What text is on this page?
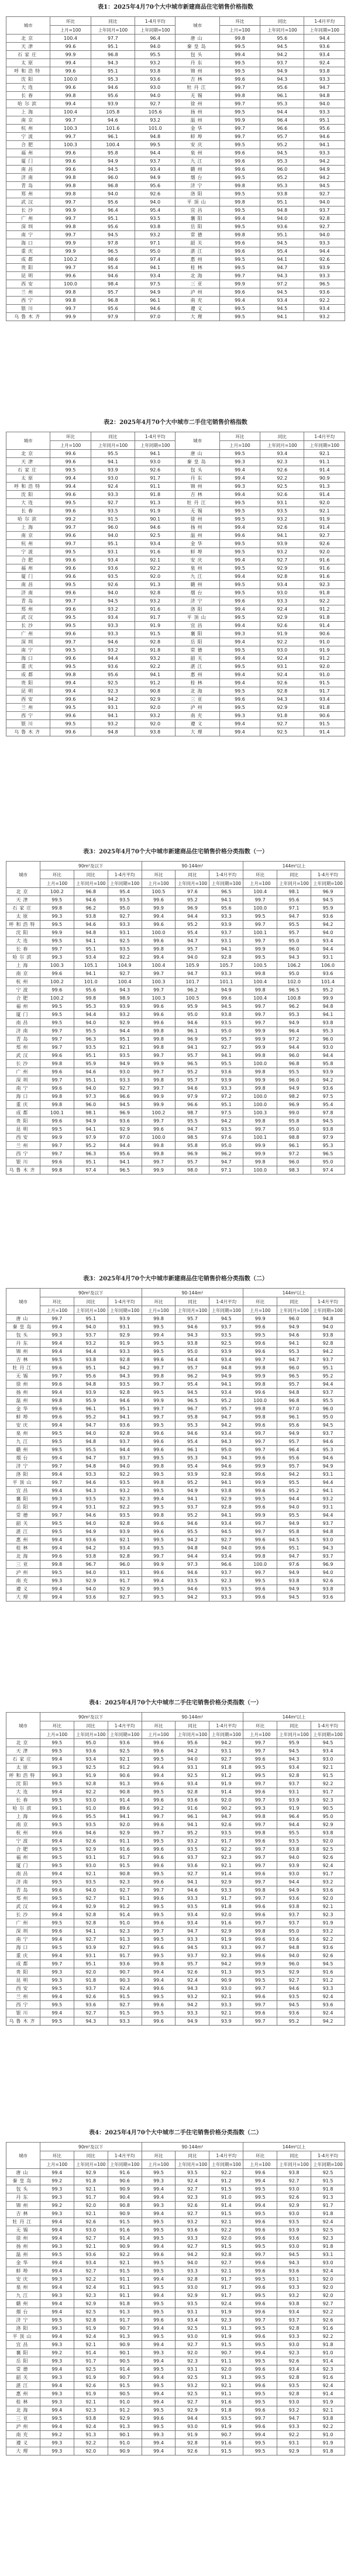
表1：2025年4月70个大中城市新建商品住宅销售价格指数
城市	环比	同比	1-4月平均	城市	环比	同比	1-4月平均
	上月=100	上年同月=100	上年同期=100		上月=100	上年同月=100	上年同期=100
北京	100.4	97.7	96.4	唐山	99.8	95.6	94.4
天津	99.6	95.1	94.0	秦皇岛	99.5	94.5	93.6
石家庄	99.9	96.8	95.5	包头	99.4	94.2	93.4
太原	99.4	94.3	93.2	丹东	99.5	93.7	92.4
呼和浩特	99.6	95.1	93.8	锦州	99.5	94.9	93.8
沈阳	100.0	95.3	93.6	吉林	99.6	94.3	93.3
大连	99.6	94.6	93.0	牡丹江	99.7	95.6	94.7
长春	99.8	95.6	94.0	无锡	99.8	96.1	94.8
哈尔滨	99.4	93.9	92.7	徐州	99.7	95.3	94.0
上海	100.4	105.8	105.6	扬州	99.5	94.4	93.3
南京	99.7	94.6	93.2	温州	99.9	96.4	95.1
杭州	100.3	101.6	101.0	金华	99.7	96.6	95.6
宁波	99.7	96.1	94.8	蚌埠	99.7	95.7	94.6
合肥	100.3	100.4	99.5	安庆	99.5	95.2	94.1
福州	99.6	95.8	94.4	泉州	99.6	94.5	93.3
厦门	99.6	94.9	93.7	九江	99.6	95.3	94.2
南昌	99.6	94.5	93.4	赣州	99.6	96.0	94.9
济南	99.8	96.0	94.9	烟台	99.5	95.2	94.2
青岛	99.8	96.8	95.6	济宁	99.8	95.3	94.5
郑州	99.8	94.0	92.6	洛阳	99.5	93.8	92.7
武汉	99.7	95.6	94.0	平顶山	99.8	95.1	94.0
长沙	99.9	96.4	95.4	宜昌	99.5	94.8	93.7
广州	99.7	95.1	93.5	襄阳	99.4	94.0	92.8
深圳	99.8	95.6	93.8	岳阳	99.5	93.6	92.7
南宁	99.7	94.5	93.2	常德	99.8	95.1	94.0
海口	99.9	97.8	97.1	韶关	99.6	94.5	93.3
重庆	99.9	96.5	95.0	湛江	99.6	95.4	94.4
成都	100.2	98.6	97.4	惠州	99.5	94.1	92.6
贵阳	99.7	95.4	94.1	桂林	99.5	94.7	93.9
昆明	99.6	94.6	93.4	北海	99.7	94.3	93.3
西安	100.0	98.4	97.5	三亚	99.9	97.2	96.5
兰州	99.8	95.7	94.9	泸州	99.6	94.5	93.6
西宁	99.8	96.8	96.1	南充	99.4	93.4	92.2
银川	99.7	95.6	94.6	遵义	99.5	94.5	93.4
乌鲁木齐	99.9	97.9	97.0	大理	99.5	94.1	93.2
表2：2025年4月70个大中城市二手住宅销售价格指数
城市	环比	同比	1-4月平均	城市	环比	同比	1-4月平均
	上月=100	上年同月=100	上年同期=100		上月=100	上年同月=100	上年同期=100
北京	99.6	95.5	94.1	唐山	99.5	93.4	92.1
天津	99.6	94.1	93.0	秦皇岛	99.3	92.3	91.1
石家庄	99.5	93.9	92.6	包头	99.4	92.6	91.4
太原	99.4	93.0	91.7	丹东	99.4	92.2	90.9
呼和浩特	99.4	92.4	91.1	锦州	99.3	92.5	91.3
沈阳	99.6	93.3	91.8	吉林	99.4	92.6	91.4
大连	99.5	92.7	91.3	牡丹江	99.5	93.1	92.0
长春	99.6	93.5	91.9	无锡	99.5	93.5	92.1
哈尔滨	99.2	91.5	90.1	徐州	99.5	93.2	91.9
上海	99.7	96.0	94.6	扬州	99.4	92.6	91.4
南京	99.6	94.0	92.5	温州	99.6	94.1	92.7
杭州	99.7	95.1	93.4	金华	99.5	93.9	92.6
宁波	99.5	93.1	91.6	蚌埠	99.5	93.2	92.0
合肥	99.6	93.4	92.1	安庆	99.4	92.7	91.6
福州	99.6	93.6	92.2	泉州	99.5	92.9	91.6
厦门	99.6	93.5	92.0	九江	99.4	92.8	91.6
南昌	99.5	92.6	91.3	赣州	99.5	93.4	92.3
济南	99.6	94.0	92.8	烟台	99.5	93.0	91.8
青岛	99.7	94.5	93.2	济宁	99.6	93.3	92.2
郑州	99.6	93.2	91.6	洛阳	99.4	92.4	91.2
武汉	99.5	93.4	91.7	平顶山	99.5	92.9	91.8
长沙	99.5	93.3	91.9	宜昌	99.4	92.6	91.4
广州	99.6	93.3	91.5	襄阳	99.3	91.9	90.6
深圳	99.7	94.6	92.8	岳阳	99.4	92.2	91.0
南宁	99.5	93.2	91.8	常德	99.5	93.0	91.9
海口	99.6	94.4	93.2	韶关	99.4	92.4	91.2
重庆	99.5	93.6	92.2	湛江	99.5	93.1	92.0
成都	99.8	95.6	94.1	惠州	99.4	92.4	91.0
贵阳	99.4	92.5	91.2	桂林	99.4	92.6	91.5
昆明	99.4	92.3	90.8	北海	99.5	92.8	91.7
西安	99.6	94.2	92.9	三亚	99.6	94.3	93.4
兰州	99.5	93.1	92.0	泸州	99.5	92.9	91.8
西宁	99.6	94.1	93.2	南充	99.3	91.8	90.6
银川	99.5	93.2	92.0	遵义	99.4	92.7	91.5
乌鲁木齐	99.6	94.8	93.8	大理	99.4	92.5	91.4
表3：2025年4月70个大中城市新建商品住宅销售价格分类指数（一）
城市	90m²及以下			90-144m²			144m²以上		
	环比	同比	1-4月平均	环比	同比	1-4月平均	环比	同比	1-4月平均
	上月=100	上年同月=100	上年同期=100	上月=100	上年同月=100	上年同期=100	上月=100	上年同月=100	上年同期=100
北京	100.2	96.8	95.4	100.5	97.6	96.5	100.4	98.1	96.9
天津	99.5	94.6	93.5	99.6	95.2	94.1	99.7	95.6	94.5
石家庄	99.8	96.2	95.0	99.9	96.9	95.6	100.0	97.1	95.9
太原	99.3	93.8	92.7	99.4	94.4	93.3	99.5	94.7	93.6
呼和浩特	99.5	94.6	93.3	99.6	95.2	93.9	99.7	95.5	94.2
沈阳	99.9	94.8	93.1	100.0	95.4	93.7	100.1	95.7	94.0
大连	99.5	94.1	92.5	99.6	94.7	93.1	99.7	95.0	93.4
长春	99.7	95.1	93.5	99.8	95.7	94.1	99.9	96.0	94.4
哈尔滨	99.3	93.4	92.2	99.4	94.0	92.8	99.5	94.3	93.1
上海	100.3	105.1	104.9	100.4	105.9	105.7	100.5	106.2	106.0
南京	99.6	94.1	92.7	99.7	94.7	93.3	99.8	95.0	93.6
杭州	100.2	101.0	100.4	100.3	101.7	101.1	100.4	102.0	101.4
宁波	99.6	95.6	94.3	99.7	96.2	94.9	99.8	96.5	95.2
合肥	100.2	99.8	98.9	100.3	100.5	99.6	100.4	100.8	99.9
福州	99.5	95.3	93.9	99.6	95.9	94.5	99.7	96.2	94.8
厦门	99.5	94.4	93.2	99.6	95.0	93.8	99.7	95.3	94.1
南昌	99.5	94.0	92.9	99.6	94.6	93.5	99.7	94.9	93.8
济南	99.7	95.5	94.4	99.8	96.1	95.0	99.9	96.4	95.3
青岛	99.7	96.3	95.1	99.8	96.9	95.7	99.9	97.2	96.0
郑州	99.7	93.5	92.1	99.8	94.1	92.7	99.9	94.4	93.0
武汉	99.6	95.1	93.5	99.7	95.7	94.1	99.8	96.0	94.4
长沙	99.8	95.9	94.9	99.9	96.5	95.5	100.0	96.8	95.8
广州	99.6	94.6	93.0	99.7	95.2	93.6	99.8	95.5	93.9
深圳	99.7	95.1	93.3	99.8	95.7	93.9	99.9	96.0	94.2
南宁	99.6	94.0	92.7	99.7	94.6	93.3	99.8	94.9	93.6
海口	99.8	97.3	96.6	99.9	97.9	97.2	100.0	98.2	97.5
重庆	99.8	96.0	94.5	99.9	96.6	95.1	100.0	96.9	95.4
成都	100.1	98.1	96.9	100.2	98.7	97.5	100.3	99.0	97.8
贵阳	99.6	94.9	93.6	99.7	95.5	94.2	99.8	95.8	94.5
昆明	99.5	94.1	92.9	99.6	94.7	93.5	99.7	95.0	93.8
西安	99.9	97.9	97.0	100.0	98.5	97.6	100.1	98.8	97.9
兰州	99.7	95.2	94.4	99.8	95.8	95.0	99.9	96.1	95.3
西宁	99.7	96.3	95.6	99.8	96.9	96.2	99.9	97.2	96.5
银川	99.6	95.1	94.1	99.7	95.7	94.7	99.8	96.0	95.0
乌鲁木齐	99.8	97.4	96.5	99.9	98.0	97.1	100.0	98.3	97.4
表3：2025年4月70个大中城市新建商品住宅销售价格分类指数（二）
城市	90m²及以下			90-144m²			144m²以上		
	环比	同比	1-4月平均	环比	同比	1-4月平均	环比	同比	1-4月平均
	上月=100	上年同月=100	上年同期=100	上月=100	上年同月=100	上年同期=100	上月=100	上年同月=100	上年同期=100
唐山	99.7	95.1	93.9	99.8	95.7	94.5	99.9	96.0	94.8
秦皇岛	99.4	94.0	93.1	99.5	94.6	93.7	99.6	94.9	94.0
包头	99.3	93.7	92.9	99.4	94.3	93.5	99.5	94.6	93.8
丹东	99.4	93.2	91.9	99.5	93.8	92.5	99.6	94.1	92.8
锦州	99.4	94.4	93.3	99.5	95.0	93.9	99.6	95.3	94.2
吉林	99.5	93.8	92.8	99.6	94.4	93.4	99.7	94.7	93.7
牡丹江	99.6	95.1	94.2	99.7	95.7	94.8	99.8	96.0	95.1
无锡	99.7	95.6	94.3	99.8	96.2	94.9	99.9	96.5	95.2
徐州	99.6	94.8	93.5	99.7	95.4	94.1	99.8	95.7	94.4
扬州	99.4	93.9	92.8	99.5	94.5	93.4	99.6	94.8	93.7
温州	99.8	95.9	94.6	99.9	96.5	95.2	100.0	96.8	95.5
金华	99.6	96.1	95.1	99.7	96.7	95.7	99.8	97.0	96.0
蚌埠	99.6	95.2	94.1	99.7	95.8	94.7	99.8	96.1	95.0
安庆	99.4	94.7	93.6	99.5	95.3	94.2	99.6	95.6	94.5
泉州	99.5	94.0	92.8	99.6	94.6	93.4	99.7	94.9	93.7
九江	99.5	94.8	93.7	99.6	95.4	94.3	99.7	95.7	94.6
赣州	99.5	95.5	94.4	99.6	96.1	95.0	99.7	96.4	95.3
烟台	99.4	94.7	93.7	99.5	95.3	94.3	99.6	95.6	94.6
济宁	99.7	94.8	94.0	99.8	95.4	94.6	99.9	95.7	94.9
洛阳	99.4	93.3	92.2	99.5	93.9	92.8	99.6	94.2	93.1
平顶山	99.7	94.6	93.5	99.8	95.2	94.1	99.9	95.5	94.4
宜昌	99.4	94.3	93.2	99.5	94.9	93.8	99.6	95.2	94.1
襄阳	99.3	93.5	92.3	99.4	94.1	92.9	99.5	94.4	93.2
岳阳	99.4	93.1	92.2	99.5	93.7	92.8	99.6	94.0	93.1
常德	99.7	94.6	93.5	99.8	95.2	94.1	99.9	95.5	94.4
韶关	99.5	94.0	92.8	99.6	94.6	93.4	99.7	94.9	93.7
湛江	99.5	94.9	93.9	99.6	95.5	94.5	99.7	95.8	94.8
惠州	99.4	93.6	92.1	99.5	94.2	92.7	99.6	94.5	93.0
桂林	99.4	94.2	93.4	99.5	94.8	94.0	99.6	95.1	94.3
北海	99.6	93.8	92.8	99.7	94.4	93.4	99.8	94.7	93.7
三亚	99.8	96.7	96.0	99.9	97.3	96.6	100.0	97.6	96.9
泸州	99.5	94.0	93.1	99.6	94.6	93.7	99.7	94.9	94.0
南充	99.3	92.9	91.7	99.4	93.5	92.3	99.5	93.8	92.6
遵义	99.4	94.0	92.9	99.5	94.6	93.5	99.6	94.9	93.8
大理	99.4	93.6	92.7	99.5	94.2	93.3	99.6	94.5	93.6
表4：2025年4月70个大中城市二手住宅销售价格分类指数（一）
城市	90m²及以下			90-144m²			144m²以上		
	环比	同比	1-4月平均	环比	同比	1-4月平均	环比	同比	1-4月平均
	上月=100	上年同月=100	上年同期=100	上月=100	上年同月=100	上年同期=100	上月=100	上年同月=100	上年同期=100
北京	99.5	95.0	93.6	99.6	95.6	94.2	99.7	95.9	94.5
天津	99.5	93.6	92.5	99.6	94.2	93.1	99.7	94.5	93.4
石家庄	99.4	93.4	92.1	99.5	94.0	92.7	99.6	94.3	93.0
太原	99.3	92.5	91.2	99.4	93.1	91.8	99.5	93.4	92.1
呼和浩特	99.3	91.9	90.6	99.4	92.5	91.2	99.5	92.8	91.5
沈阳	99.5	92.8	91.3	99.6	93.4	91.9	99.7	93.7	92.2
大连	99.4	92.2	90.8	99.5	92.8	91.4	99.6	93.1	91.7
长春	99.5	93.0	91.4	99.6	93.6	92.0	99.7	93.9	92.3
哈尔滨	99.1	91.0	89.6	99.2	91.6	90.2	99.3	91.9	90.5
上海	99.6	95.5	94.1	99.7	96.1	94.7	99.8	96.4	95.0
南京	99.5	93.5	92.0	99.6	94.1	92.6	99.7	94.4	92.9
杭州	99.6	94.6	92.9	99.7	95.2	93.5	99.8	95.5	93.8
宁波	99.4	92.6	91.1	99.5	93.2	91.7	99.6	93.5	92.0
合肥	99.5	92.9	91.6	99.6	93.5	92.2	99.7	93.8	92.5
福州	99.5	93.1	91.7	99.6	93.7	92.3	99.7	94.0	92.6
厦门	99.5	93.0	91.5	99.6	93.6	92.1	99.7	93.9	92.4
南昌	99.4	92.1	90.8	99.5	92.7	91.4	99.6	93.0	91.7
济南	99.5	93.5	92.3	99.6	94.1	92.9	99.7	94.4	93.2
青岛	99.6	94.0	92.7	99.7	94.6	93.3	99.8	94.9	93.6
郑州	99.5	92.7	91.1	99.6	93.3	91.7	99.7	93.6	92.0
武汉	99.4	92.9	91.2	99.5	93.5	91.8	99.6	93.8	92.1
长沙	99.4	92.8	91.4	99.5	93.4	92.0	99.6	93.7	92.3
广州	99.5	92.8	91.0	99.6	93.4	91.6	99.7	93.7	91.9
深圳	99.6	94.1	92.3	99.7	94.7	92.9	99.8	95.0	93.2
南宁	99.4	92.7	91.3	99.5	93.3	91.9	99.6	93.6	92.2
海口	99.5	93.9	92.7	99.6	94.5	93.3	99.7	94.8	93.6
重庆	99.4	93.1	91.7	99.5	93.7	92.3	99.6	94.0	92.6
成都	99.7	95.1	93.6	99.8	95.7	94.2	99.9	96.0	94.5
贵阳	99.3	92.0	90.7	99.4	92.6	91.3	99.5	92.9	91.6
昆明	99.3	91.8	90.3	99.4	92.4	90.9	99.5	92.7	91.2
西安	99.5	93.7	92.4	99.6	94.3	93.0	99.7	94.6	93.3
兰州	99.4	92.6	91.5	99.5	93.2	92.1	99.6	93.5	92.4
西宁	99.5	93.6	92.7	99.6	94.2	93.3	99.7	94.5	93.6
银川	99.4	92.7	91.5	99.5	93.3	92.1	99.6	93.6	92.4
乌鲁木齐	99.5	94.3	93.3	99.6	94.9	93.9	99.7	95.2	94.2
表4：2025年4月70个大中城市二手住宅销售价格分类指数（二）
城市	90m²及以下			90-144m²			144m²以上		
	环比	同比	1-4月平均	环比	同比	1-4月平均	环比	同比	1-4月平均
	上月=100	上年同月=100	上年同期=100	上月=100	上年同月=100	上年同期=100	上月=100	上年同月=100	上年同期=100
唐山	99.4	92.9	91.6	99.5	93.5	92.2	99.6	93.8	92.5
秦皇岛	99.2	91.8	90.6	99.3	92.4	91.2	99.4	92.7	91.5
包头	99.3	92.1	90.9	99.4	92.7	91.5	99.5	93.0	91.8
丹东	99.3	91.7	90.4	99.4	92.3	91.0	99.5	92.6	91.3
锦州	99.2	92.0	90.8	99.3	92.6	91.4	99.4	92.9	91.7
吉林	99.3	92.1	90.9	99.4	92.7	91.5	99.5	93.0	91.8
牡丹江	99.4	92.6	91.5	99.5	93.2	92.1	99.6	93.5	92.4
无锡	99.4	93.0	91.6	99.5	93.6	92.2	99.6	93.9	92.5
徐州	99.4	92.7	91.4	99.5	93.3	92.0	99.6	93.6	92.3
扬州	99.3	92.1	90.9	99.4	92.7	91.5	99.5	93.0	91.8
温州	99.5	93.6	92.2	99.6	94.2	92.8	99.7	94.5	93.1
金华	99.4	93.4	92.1	99.5	94.0	92.7	99.6	94.3	93.0
蚌埠	99.4	92.7	91.5	99.5	93.3	92.1	99.6	93.6	92.4
安庆	99.3	92.2	91.1	99.4	92.8	91.7	99.5	93.1	92.0
泉州	99.4	92.4	91.1	99.5	93.0	91.7	99.6	93.3	92.0
九江	99.3	92.3	91.1	99.4	92.9	91.7	99.5	93.2	92.0
赣州	99.4	92.9	91.8	99.5	93.5	92.4	99.6	93.8	92.7
烟台	99.4	92.5	91.3	99.5	93.1	91.9	99.6	93.4	92.2
济宁	99.5	92.8	91.7	99.6	93.4	92.3	99.7	93.7	92.6
洛阳	99.3	91.9	90.7	99.4	92.5	91.3	99.5	92.8	91.6
平顶山	99.4	92.4	91.3	99.5	93.0	91.9	99.6	93.3	92.2
宜昌	99.3	92.1	90.9	99.4	92.7	91.5	99.5	93.0	91.8
襄阳	99.2	91.4	90.1	99.3	92.0	90.7	99.4	92.3	91.0
岳阳	99.3	91.7	90.5	99.4	92.3	91.1	99.5	92.6	91.4
常德	99.4	92.5	91.4	99.5	93.1	92.0	99.6	93.4	92.3
韶关	99.3	91.9	90.7	99.4	92.5	91.3	99.5	92.8	91.6
湛江	99.4	92.6	91.5	99.5	93.2	92.1	99.6	93.5	92.4
惠州	99.3	91.9	90.5	99.4	92.5	91.1	99.5	92.8	91.4
桂林	99.3	92.1	91.0	99.4	92.7	91.6	99.5	93.0	91.9
北海	99.4	92.3	91.2	99.5	92.9	91.8	99.6	93.2	92.1
三亚	99.5	93.8	92.9	99.6	94.4	93.5	99.7	94.7	93.8
泸州	99.4	92.4	91.3	99.5	93.0	91.9	99.6	93.3	92.2
南充	99.2	91.3	90.1	99.3	91.9	90.7	99.4	92.2	91.0
遵义	99.3	92.2	91.0	99.4	92.8	91.6	99.5	93.1	91.9
大理	99.3	92.0	90.9	99.4	92.6	91.5	99.5	92.9	91.8
